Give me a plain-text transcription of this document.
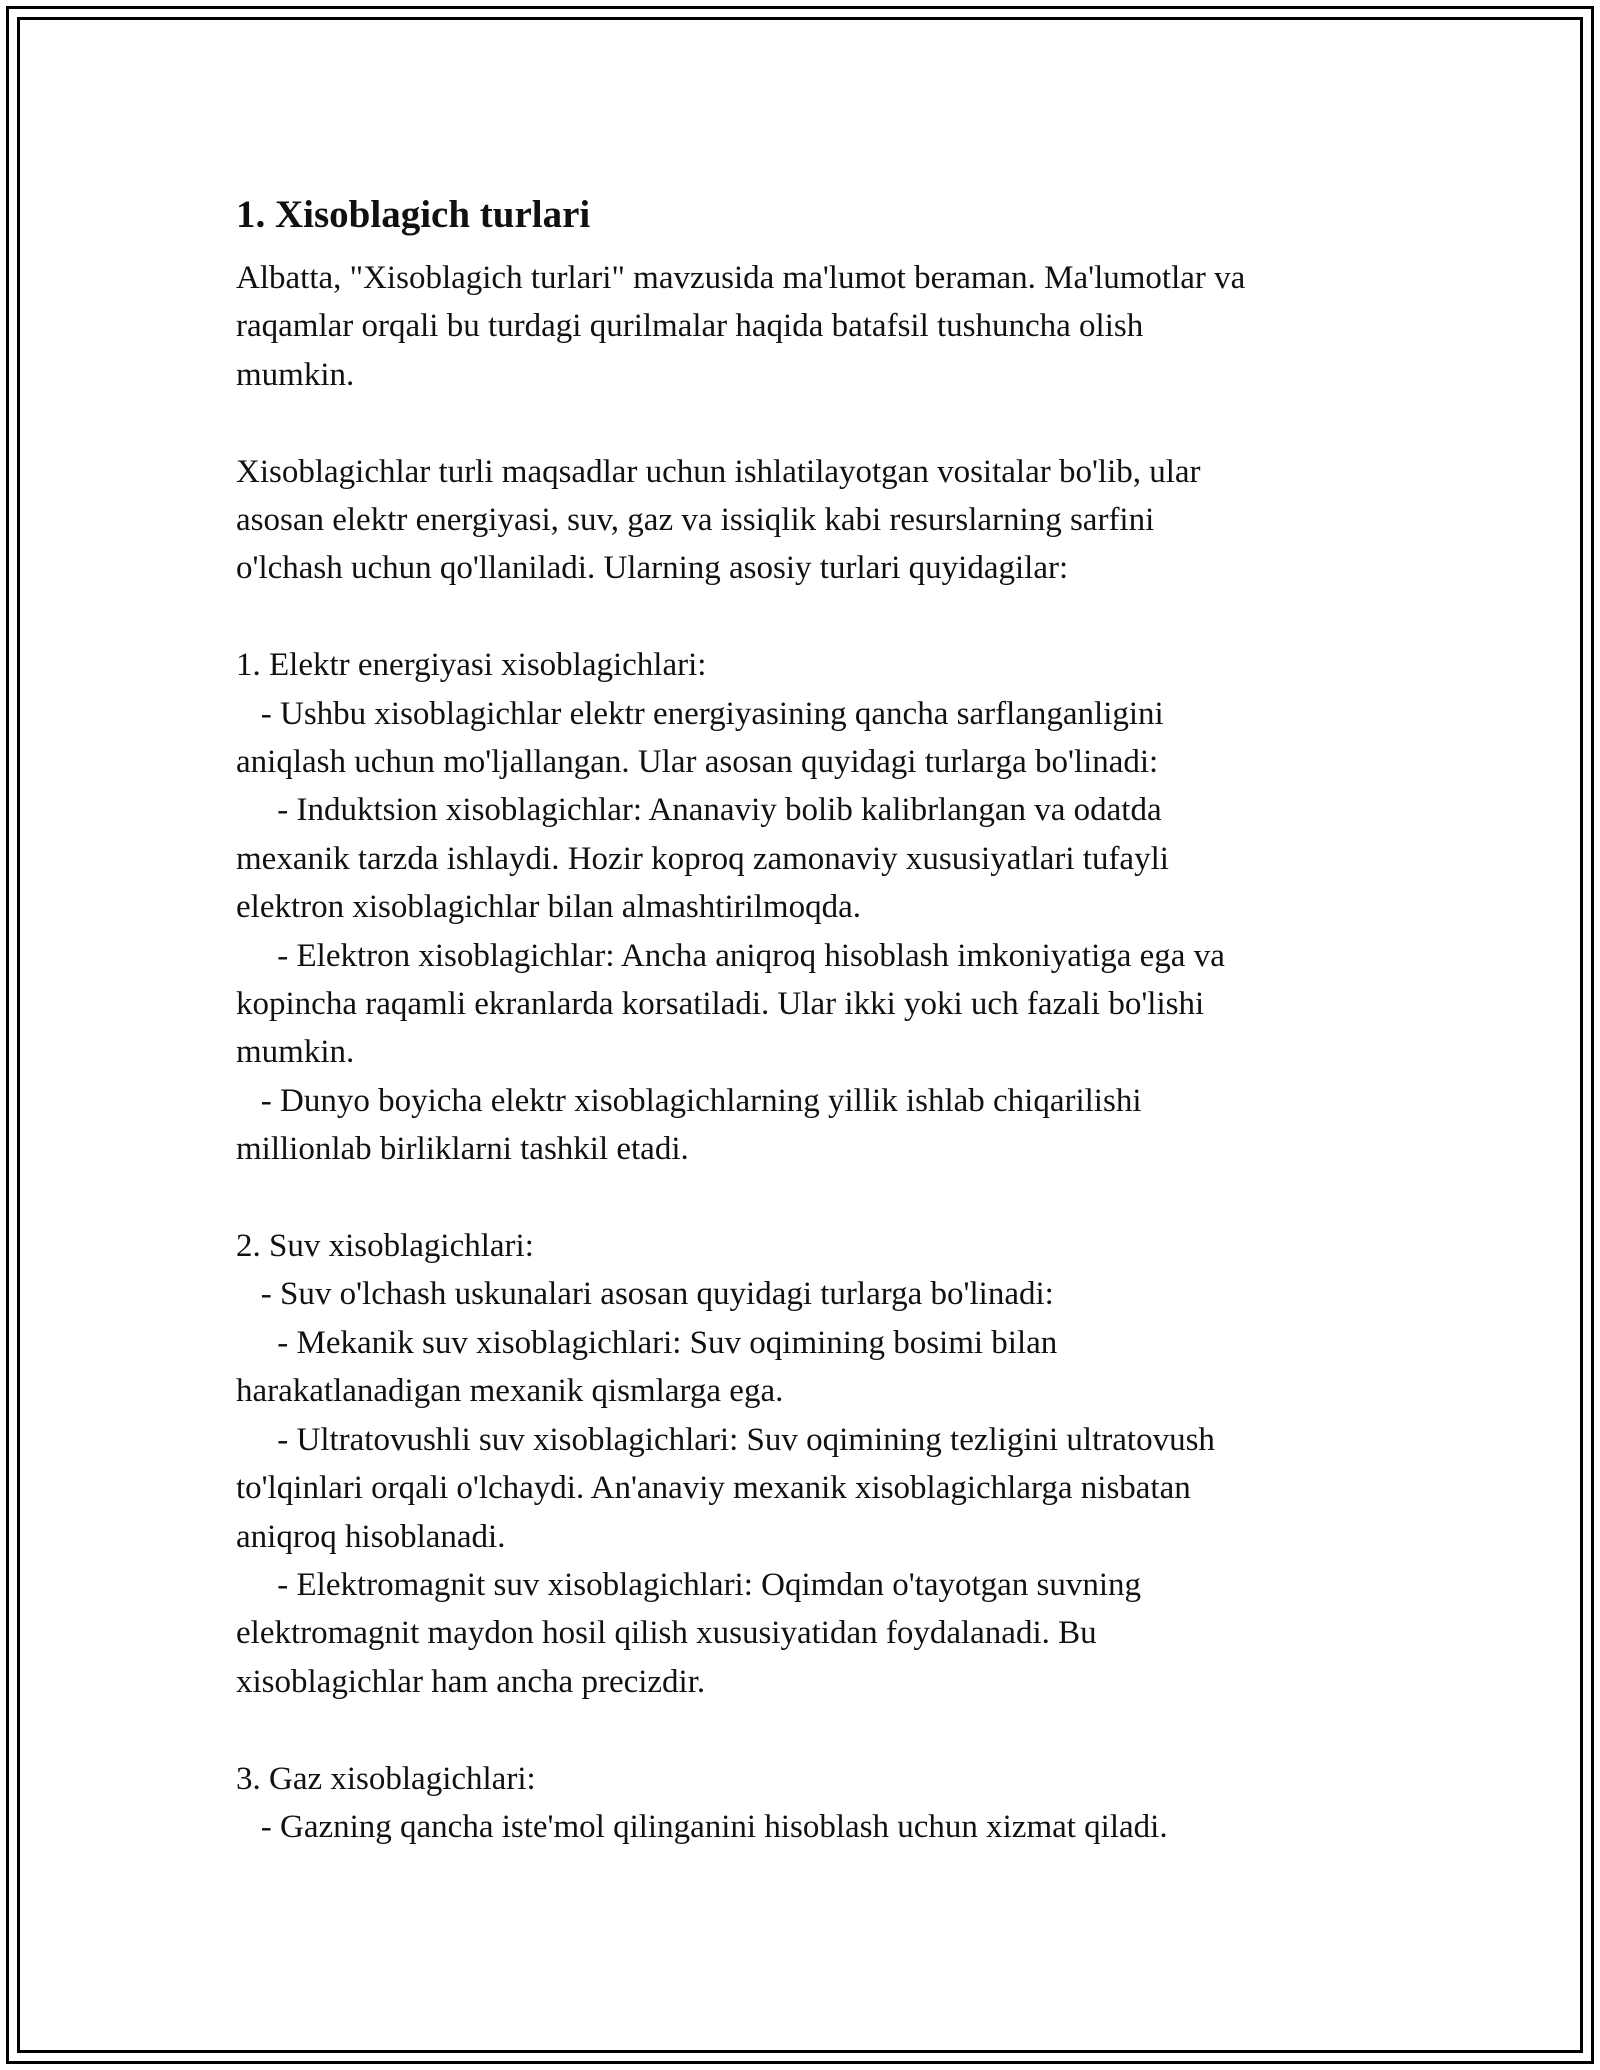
1. Xisoblagich turlari

Albatta, "Xisoblagich turlari" mavzusida ma'lumot beraman. Ma'lumotlar va
raqamlar orqali bu turdagi qurilmalar haqida batafsil tushuncha olish
mumkin.

Xisoblagichlar turli maqsadlar uchun ishlatilayotgan vositalar bo'lib, ular
asosan elektr energiyasi, suv, gaz va issiqlik kabi resurslarning sarfini
o'lchash uchun qo'llaniladi. Ularning asosiy turlari quyidagilar:

1. Elektr energiyasi xisoblagichlari:
- Ushbu xisoblagichlar elektr energiyasining qancha sarflanganligini
aniqlash uchun mo'ljallangan. Ular asosan quyidagi turlarga bo'linadi:
- Induktsion xisoblagichlar: Ananaviy bolib kalibrlangan va odatda
mexanik tarzda ishlaydi. Hozir koproq zamonaviy xususiyatlari tufayli
elektron xisoblagichlar bilan almashtirilmoqda.
- Elektron xisoblagichlar: Ancha aniqroq hisoblash imkoniyatiga ega va
kopincha raqamli ekranlarda korsatiladi. Ular ikki yoki uch fazali bo'lishi
mumkin.
- Dunyo boyicha elektr xisoblagichlarning yillik ishlab chiqarilishi
millionlab birliklarni tashkil etadi.
2. Suv xisoblagichlari:
- Suv o'lchash uskunalari asosan quyidagi turlarga bo'linadi:
- Mekanik suv xisoblagichlari: Suv oqimining bosimi bilan
harakatlanadigan mexanik qismlarga ega.
- Ultratovushli suv xisoblagichlari: Suv oqimining tezligini ultratovush
to'lqinlari orqali o'lchaydi. An'anaviy mexanik xisoblagichlarga nisbatan
aniqroq hisoblanadi.
- Elektromagnit suv xisoblagichlari: Oqimdan o'tayotgan suvning
elektromagnit maydon hosil qilish xususiyatidan foydalanadi. Bu
xisoblagichlar ham ancha precizdir.
3. Gaz xisoblagichlari:
- Gazning qancha iste'mol qilinganini hisoblash uchun xizmat qiladi.
